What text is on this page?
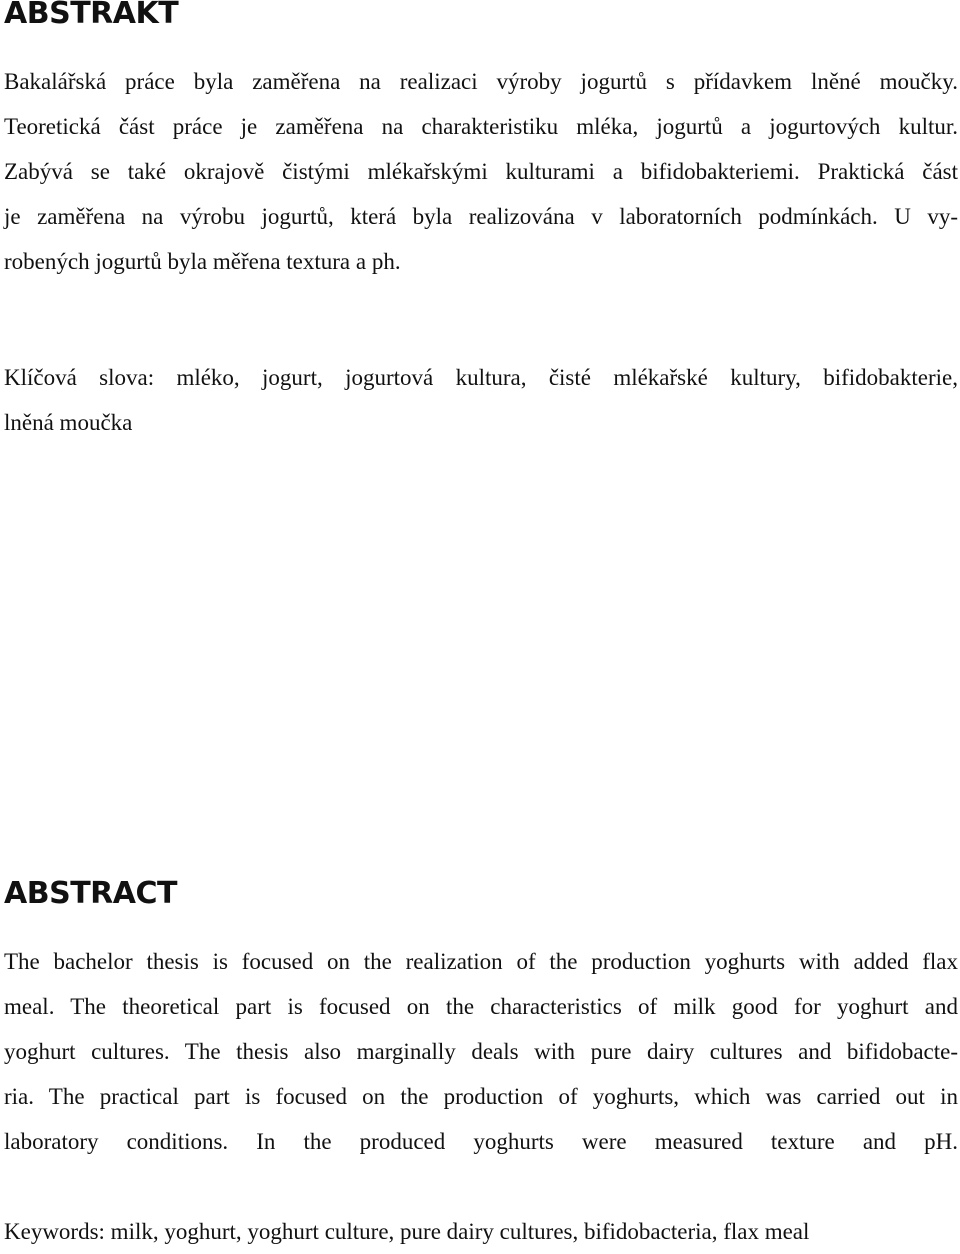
ABSTRAKT

Bakalářská práce byla zaměřena na realizaci výroby jogurtů s přídavkem lněné moučky.
Teoretická část práce je zaměřena na charakteristiku mléka, jogurtů a jogurtových kultur.
Zabývá se také okrajově čistými mlékařskými kulturami a bifidobakteriemi. Praktická část
je zaměřena na výrobu jogurtů, která byla realizována v laboratorních podmínkách. U vy-
robených jogurtů byla měřena textura a ph.

Klíčová slova: mléko, jogurt, jogurtová kultura, čisté mlékařské kultury, bifidobakterie,
lněná moučka

ABSTRACT

The bachelor thesis is focused on the realization of the production yoghurts with added flax
meal. The theoretical part is focused on the characteristics of milk good for yoghurt and
yoghurt cultures. The thesis also marginally deals with pure dairy cultures and bifidobacte-
ria. The practical part is focused on the production of yoghurts, which was carried out in
laboratory conditions. In the produced yoghurts were measured texture and pH.

Keywords: milk, yoghurt, yoghurt culture, pure dairy cultures, bifidobacteria, flax meal
